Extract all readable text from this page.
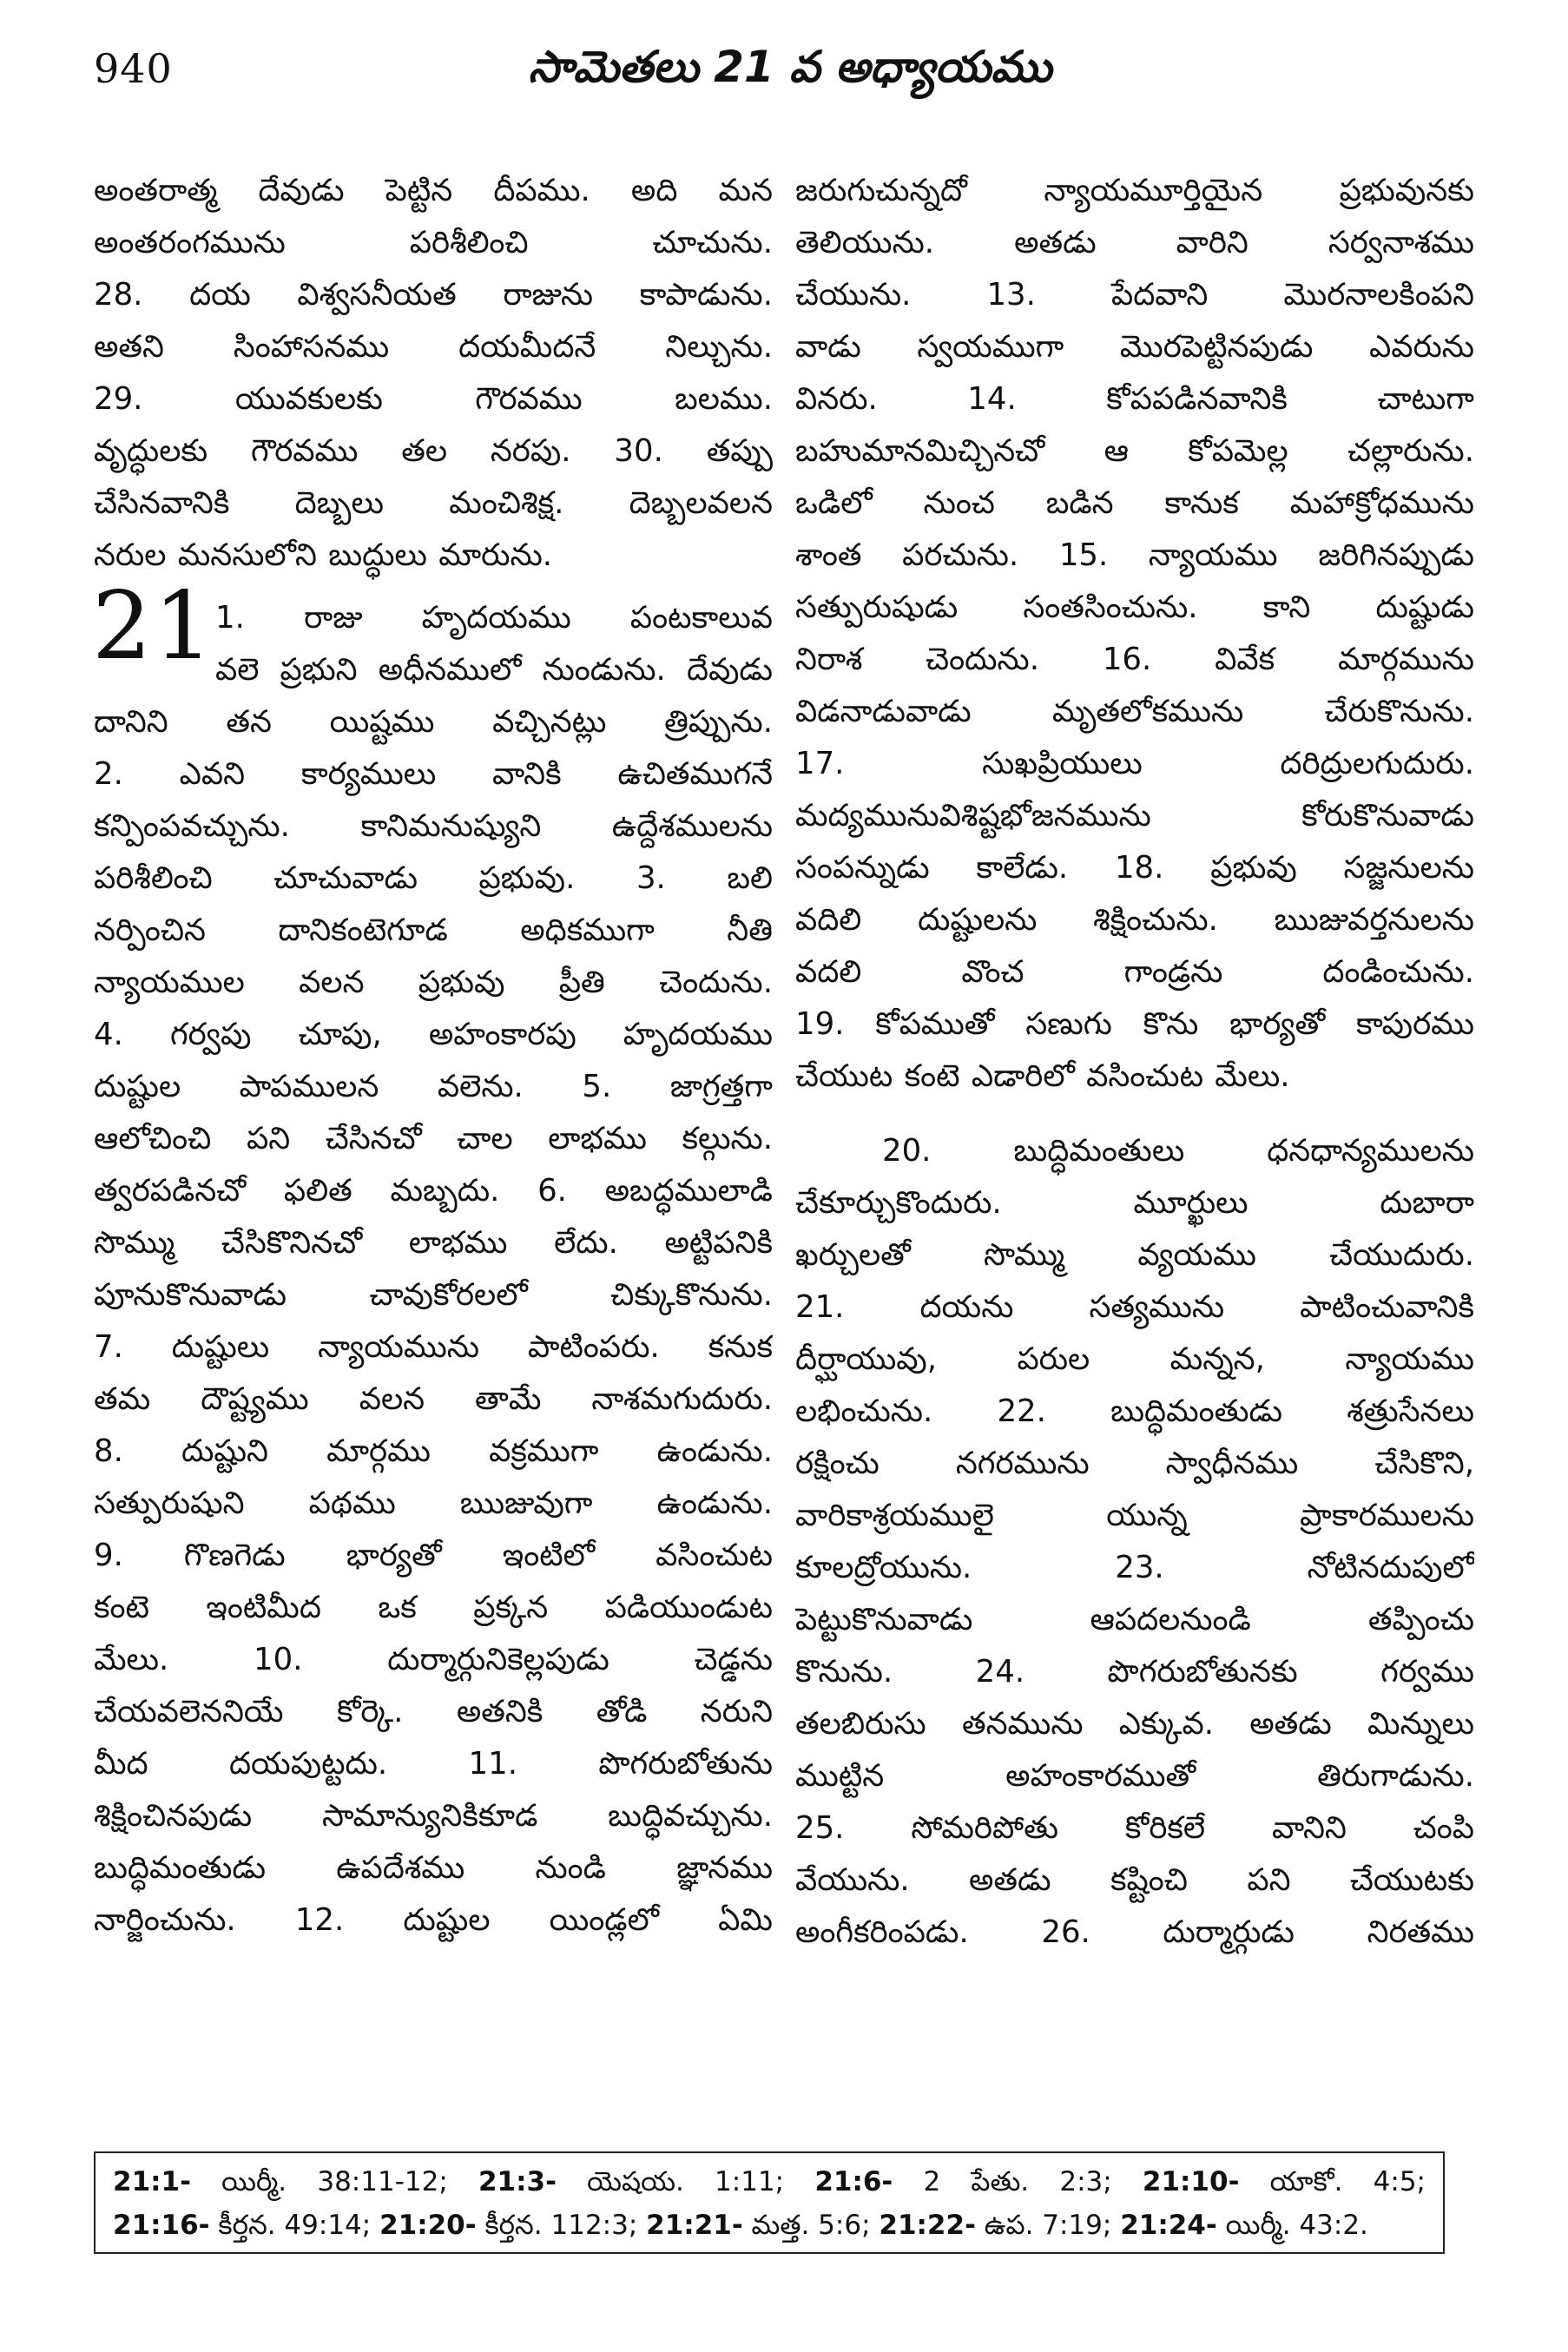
940	సామెతలు 21 వ అధ్యాయము
అంతరాత్మ దేవుడు పెట్టిన దీపము. అది మన
అంతరంగమును పరిశీలించి చూచును.
28. దయ విశ్వసనీయత రాజును కాపాడును.
అతని సింహాసనము దయమీదనే నిల్చును.
29. యువకులకు గౌరవము బలము.
వృద్ధులకు గౌరవము తల నరపు. 30. తప్పు
చేసినవానికి దెబ్బలు మంచిశిక్ష. దెబ్బలవలన
నరుల మనసులోని బుద్ధులు మారును.
21 1. రాజు హృదయము పంటకాలువ
వలె ప్రభుని అధీనములో నుండును. దేవుడు
దానిని తన యిష్టము వచ్చినట్లు త్రిప్పును.
2. ఎవని కార్యములు వానికి ఉచితముగనే
కన్పింపవచ్చును. కానిమనుష్యుని ఉద్దేశములను
పరిశీలించి చూచువాడు ప్రభువు. 3. బలి
నర్పించిన దానికంటెగూడ అధికముగా నీతి
న్యాయముల వలన ప్రభువు ప్రీతి చెందును.
4. గర్వపు చూపు, అహంకారపు హృదయము
దుష్టుల పాపములన వలెను. 5. జాగ్రత్తగా
ఆలోచించి పని చేసినచో చాల లాభము కల్గును.
త్వరపడినచో ఫలిత మబ్బదు. 6. అబద్ధములాడి
సొమ్ము చేసికొనినచో లాభము లేదు. అట్టిపనికి
పూనుకొనువాడు చావుకోరలలో చిక్కుకొనును.
7. దుష్టులు న్యాయమును పాటింపరు. కనుక
తమ దౌష్ట్యము వలన తామే నాశమగుదురు.
8. దుష్టుని మార్గము వక్రముగా ఉండును.
సత్పురుషుని పథము ఋజువుగా ఉండును.
9. గొణగెడు భార్యతో ఇంటిలో వసించుట
కంటె ఇంటిమీద ఒక ప్రక్కన పడియుండుట
మేలు. 10. దుర్మార్గునికెల్లపుడు చెడ్డను
చేయవలెననియే కోర్కె. అతనికి తోడి నరుని
మీద దయపుట్టదు. 11. పొగరుబోతును
శిక్షించినపుడు సామాన్యునికికూడ బుద్ధివచ్చును.
బుద్ధిమంతుడు ఉపదేశము నుండి జ్ఞానము
నార్జించును. 12. దుష్టుల యిండ్లలో ఏమి
జరుగుచున్నదో న్యాయమూర్తియైన ప్రభువునకు
తెలియును. అతడు వారిని సర్వనాశము
చేయును. 13. పేదవాని మొరనాలకింపని
వాడు స్వయముగా మొరపెట్టినపుడు ఎవరును
వినరు. 14. కోపపడినవానికి చాటుగా
బహుమానమిచ్చినచో ఆ కోపమెల్ల చల్లారును.
ఒడిలో నుంచ బడిన కానుక మహాక్రోధమును
శాంత పరచును. 15. న్యాయము జరిగినప్పుడు
సత్పురుషుడు సంతసించును. కాని దుష్టుడు
నిరాశ చెందును. 16. వివేక మార్గమును
విడనాడువాడు మృతలోకమును చేరుకొనును.
17. సుఖప్రియులు దరిద్రులగుదురు.
మద్యమునువిశిష్టభోజనమును కోరుకొనువాడు
సంపన్నుడు కాలేడు. 18. ప్రభువు సజ్జనులను
వదిలి దుష్టులను శిక్షించును. ఋజువర్తనులను
వదలి వొంచ గాండ్రను దండించును.
19. కోపముతో సణుగు కొను భార్యతో కాపురము
చేయుట కంటె ఎడారిలో వసించుట మేలు.
20. బుద్ధిమంతులు ధనధాన్యములను
చేకూర్చుకొందురు. మూర్ఖులు దుబారా
ఖర్చులతో సొమ్ము వ్యయము చేయుదురు.
21. దయను సత్యమును పాటించువానికి
దీర్ఘాయువు, పరుల మన్నన, న్యాయము
లభించును. 22. బుద్ధిమంతుడు శత్రుసేనలు
రక్షించు నగరమును స్వాధీనము చేసికొని,
వారికాశ్రయములై యున్న ప్రాకారములను
కూలద్రోయును. 23. నోటినదుపులో
పెట్టుకొనువాడు ఆపదలనుండి తప్పించు
కొనును. 24. పొగరుబోతునకు గర్వము
తలబిరుసు తనమును ఎక్కువ. అతడు మిన్నులు
ముట్టిన అహంకారముతో తిరుగాడును.
25. సోమరిపోతు కోరికలే వానిని చంపి
వేయును. అతడు కష్టించి పని చేయుటకు
అంగీకరింపడు. 26. దుర్మార్గుడు నిరతము
21:1- యిర్మీ. 38:11-12; 21:3- యెషయ. 1:11; 21:6- 2 పేతు. 2:3; 21:10- యాకో. 4:5;
21:16- కీర్తన. 49:14; 21:20- కీర్తన. 112:3; 21:21- మత్త. 5:6; 21:22- ఉప. 7:19; 21:24- యిర్మీ. 43:2.
